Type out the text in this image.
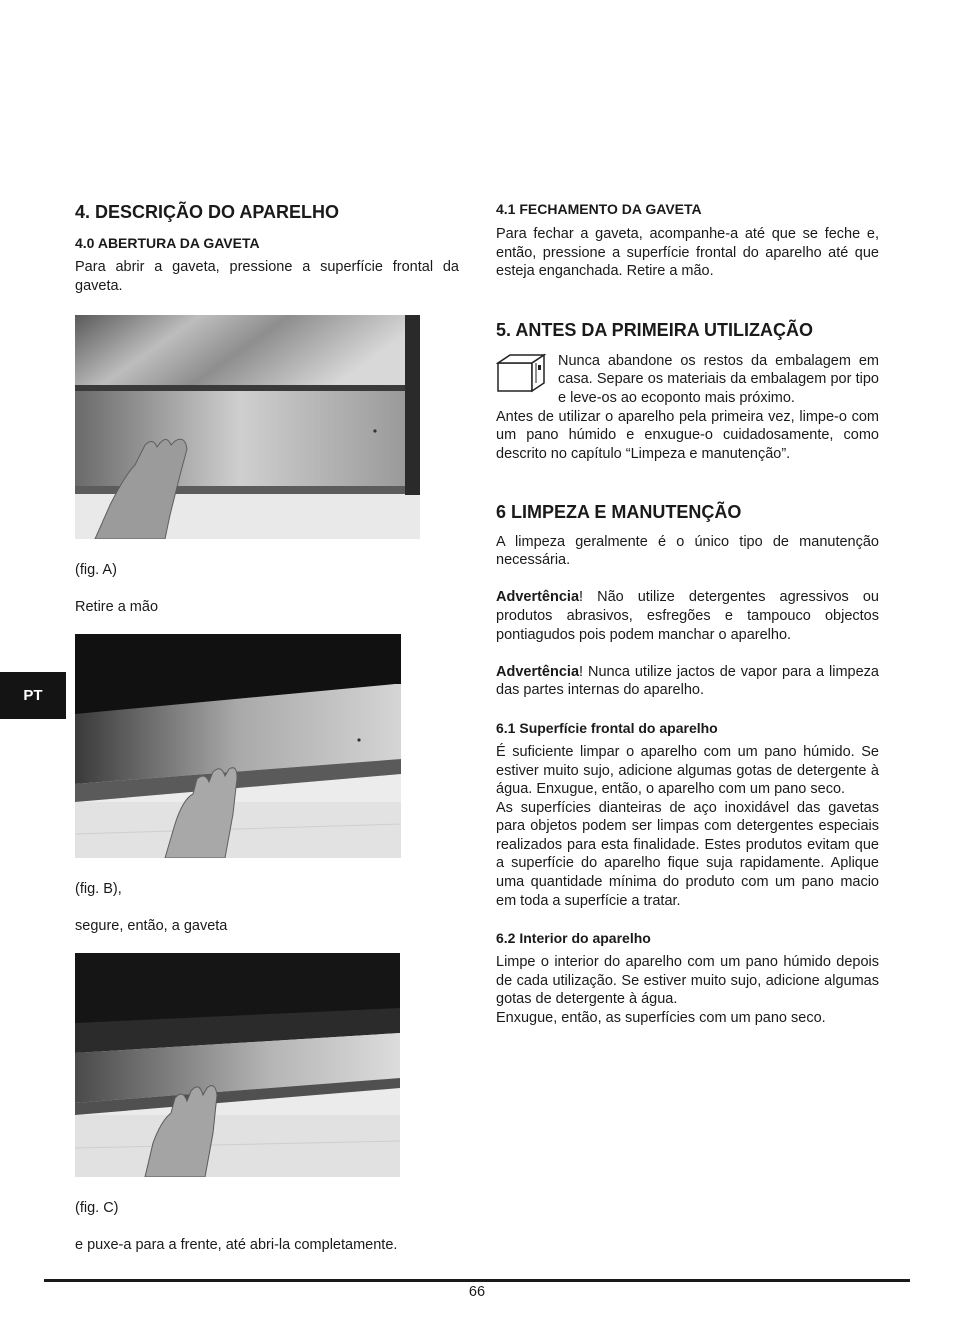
4. DESCRIÇÃO DO APARELHO
4.0 ABERTURA DA GAVETA

Para abrir a gaveta, pressione a superfície frontal da gaveta.

(fig. A)

Retire a mão

(fig. B),

segure, então, a gaveta

(fig. C)

e puxe-a para a frente, até abri-la completamente.

4.1 FECHAMENTO DA GAVETA

Para fechar a gaveta, acompanhe-a até que se feche e, então, pressione a superfície frontal do aparelho até que esteja enganchada. Retire a mão.

5. ANTES DA PRIMEIRA UTILIZAÇÃO

Nunca abandone os restos da embalagem em casa. Separe os materiais da embalagem por tipo e leve-os ao ecoponto mais próximo.

Antes de utilizar o aparelho pela primeira vez, limpe-o com um pano húmido e enxugue-o cuidadosamente, como descrito no capítulo “Limpeza e manutenção”.

6 LIMPEZA E MANUTENÇÃO

A limpeza geralmente é o único tipo de manutenção necessária.

Advertência! Não utilize detergentes agressivos ou produtos abrasivos, esfregões e tampouco objectos pontiagudos pois podem manchar o aparelho.

Advertência! Nunca utilize jactos de vapor para a limpeza das partes internas do aparelho.

6.1 Superfície frontal do aparelho

É suficiente limpar o aparelho com um pano húmido. Se estiver muito sujo, adicione algumas gotas de detergente à água. Enxugue, então, o aparelho com um pano seco.

As superfícies dianteiras de aço inoxidável das gavetas para objetos podem ser limpas com detergentes especiais realizados para esta finalidade. Estes produtos evitam que a superfície do aparelho fique suja rapidamente. Aplique uma quantidade mínima do produto com um pano macio em toda a superfície a tratar.

6.2 Interior do aparelho

Limpe o interior do aparelho com um pano húmido depois de cada utilização. Se estiver muito sujo, adicione algumas gotas de detergente à água.

Enxugue, então, as superfícies com um pano seco.

PT
66
